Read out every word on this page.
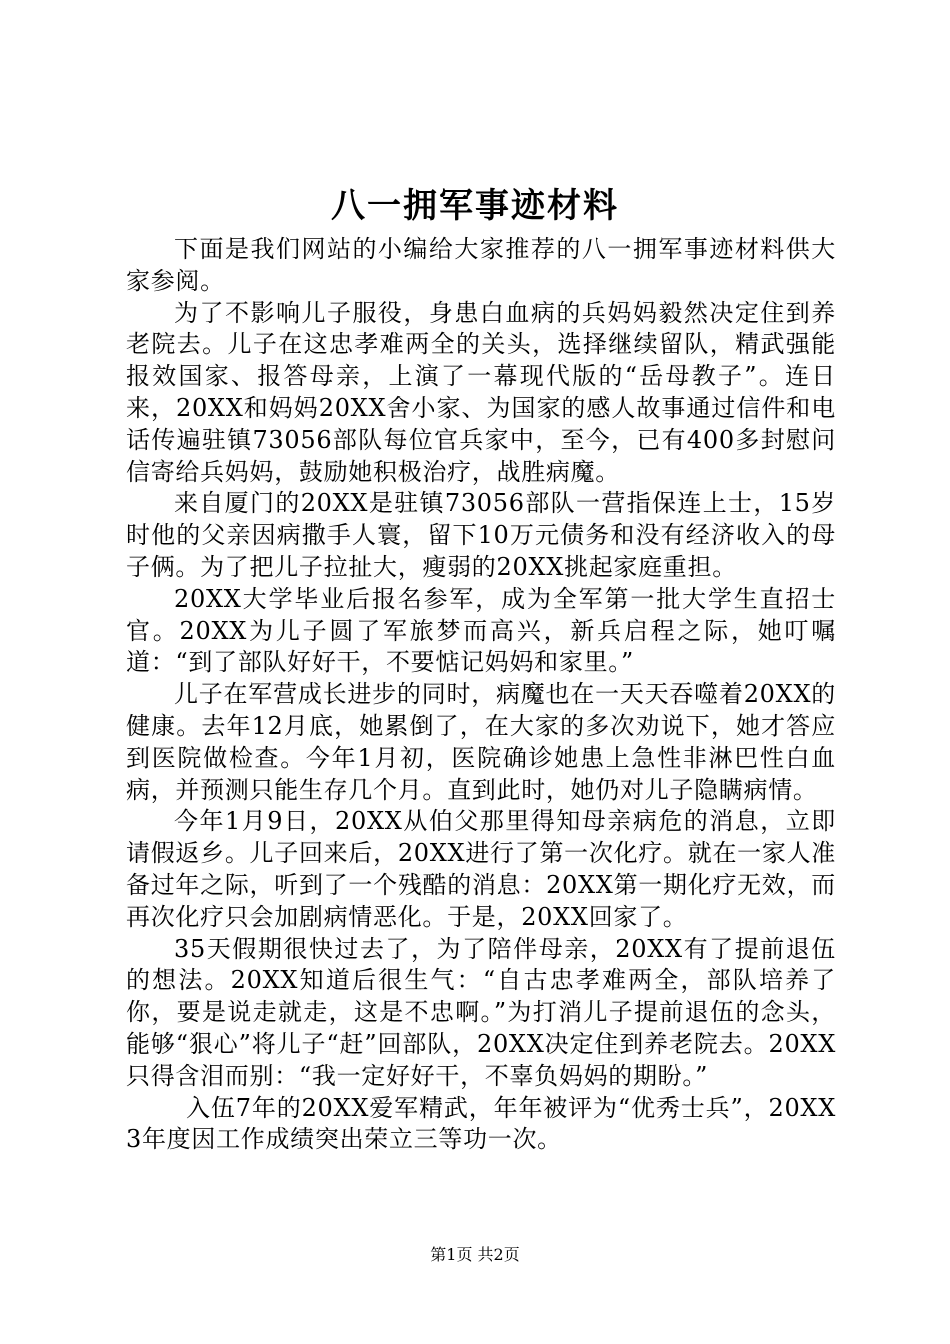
八一拥军事迹材料

下面是我们网站的小编给大家推荐的八一拥军事迹材料供大家参阅。

为了不影响儿子服役，身患白血病的兵妈妈毅然决定住到养老院去。儿子在这忠孝难两全的关头，选择继续留队，精武强能报效国家、报答母亲，上演了一幕现代版的“岳母教子”。连日来，20XX和妈妈20XX舍小家、为国家的感人故事通过信件和电话传遍驻镇73056部队每位官兵家中，至今，已有400多封慰问信寄给兵妈妈，鼓励她积极治疗，战胜病魔。

来自厦门的20XX是驻镇73056部队一营指保连上士，15岁时他的父亲因病撒手人寰，留下10万元债务和没有经济收入的母子俩。为了把儿子拉扯大，瘦弱的20XX挑起家庭重担。

20XX大学毕业后报名参军，成为全军第一批大学生直招士官。20XX为儿子圆了军旅梦而高兴，新兵启程之际，她叮嘱道：“到了部队好好干，不要惦记妈妈和家里。”

儿子在军营成长进步的同时，病魔也在一天天吞噬着20XX的健康。去年12月底，她累倒了，在大家的多次劝说下，她才答应到医院做检查。今年1月初，医院确诊她患上急性非淋巴性白血病，并预测只能生存几个月。直到此时，她仍对儿子隐瞒病情。

今年1月9日，20XX从伯父那里得知母亲病危的消息，立即请假返乡。儿子回来后，20XX进行了第一次化疗。就在一家人准备过年之际，听到了一个残酷的消息：20XX第一期化疗无效，而再次化疗只会加剧病情恶化。于是，20XX回家了。

35天假期很快过去了，为了陪伴母亲，20XX有了提前退伍的想法。20XX知道后很生气：“自古忠孝难两全，部队培养了你，要是说走就走，这是不忠啊。”为打消儿子提前退伍的念头，能够“狠心”将儿子“赶”回部队，20XX决定住到养老院去。20XX只得含泪而别：“我一定好好干，不辜负妈妈的期盼。”

入伍7年的20XX爱军精武，年年被评为“优秀士兵”，20XX3年度因工作成绩突出荣立三等功一次。

第1页 共2页
